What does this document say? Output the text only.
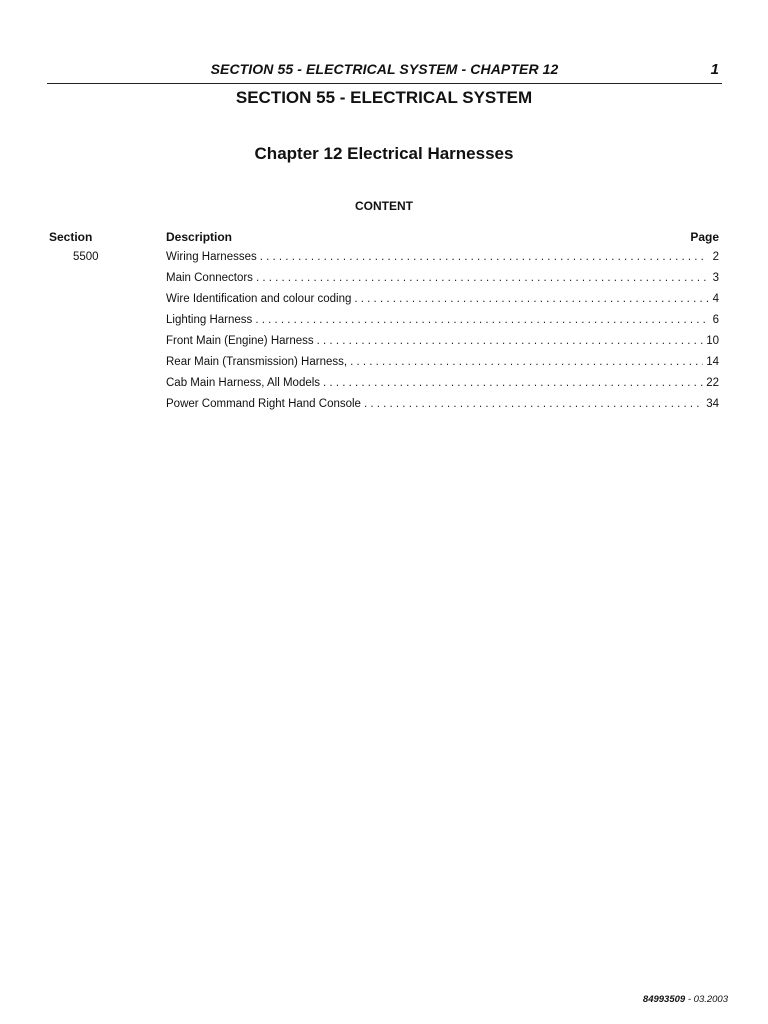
SECTION 55 - ELECTRICAL SYSTEM - CHAPTER 12	1
SECTION 55 - ELECTRICAL SYSTEM
Chapter 12 Electrical Harnesses
CONTENT
Section	Description	Page
5500	Wiring Harnesses . . .	2
Main Connectors . . .	3
Wire Identification and colour coding . . .	4
Lighting Harness . . .	6
Front Main (Engine) Harness . . .	10
Rear Main (Transmission) Harness, . . .	14
Cab Main Harness, All Models . . .	22
Power Command Right Hand Console . . .	34
84993509 - 03.2003
